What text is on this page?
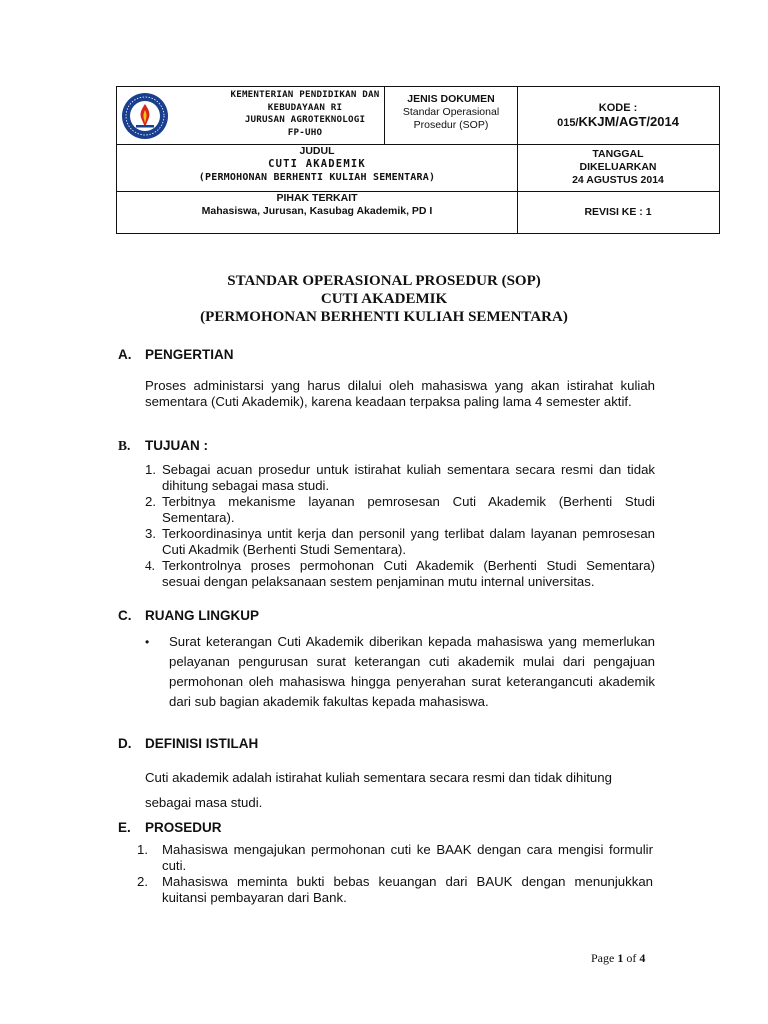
KEMENTERIAN PENDIDIKAN DAN
KEBUDAYAAN RI
JURUSAN AGROTEKNOLOGI
FP-UHO
JENIS DOKUMEN
Standar Operasional
Prosedur (SOP)
KODE :
015/KKJM/AGT/2014
JUDUL
CUTI AKADEMIK
(PERMOHONAN BERHENTI KULIAH SEMENTARA)
TANGGAL
DIKELUARKAN
24 AGUSTUS 2014
PIHAK TERKAIT
Mahasiswa, Jurusan, Kasubag Akademik, PD I	REVISI KE : 1
STANDAR OPERASIONAL PROSEDUR (SOP)
CUTI AKADEMIK
(PERMOHONAN BERHENTI KULIAH SEMENTARA)
A. PENGERTIAN
Proses administarsi yang harus dilalui oleh mahasiswa yang akan istirahat kuliah sementara (Cuti Akademik), karena keadaan terpaksa paling lama 4 semester aktif.
B. TUJUAN :
1. Sebagai acuan prosedur untuk istirahat kuliah sementara secara resmi dan tidak dihitung sebagai masa studi.
2. Terbitnya mekanisme layanan pemrosesan Cuti Akademik (Berhenti Studi Sementara).
3. Terkoordinasinya untit kerja dan personil yang terlibat dalam layanan pemrosesan Cuti Akadmik (Berhenti Studi Sementara).
4. Terkontrolnya proses permohonan Cuti Akademik (Berhenti Studi Sementara) sesuai dengan pelaksanaan sestem penjaminan mutu internal universitas.
C. RUANG LINGKUP
•	Surat keterangan Cuti Akademik diberikan kepada mahasiswa yang memerlukan pelayanan pengurusan surat keterangan cuti akademik mulai dari pengajuan permohonan oleh mahasiswa hingga penyerahan surat keterangancuti akademik dari sub bagian akademik fakultas kepada mahasiswa.
D. DEFINISI ISTILAH
Cuti akademik adalah istirahat kuliah sementara secara resmi dan tidak dihitung sebagai masa studi.
E. PROSEDUR
1. Mahasiswa mengajukan permohonan cuti ke BAAK dengan cara mengisi formulir cuti.
2. Mahasiswa meminta bukti bebas keuangan dari BAUK dengan menunjukkan kuitansi pembayaran dari Bank.
Page 1 of 4
